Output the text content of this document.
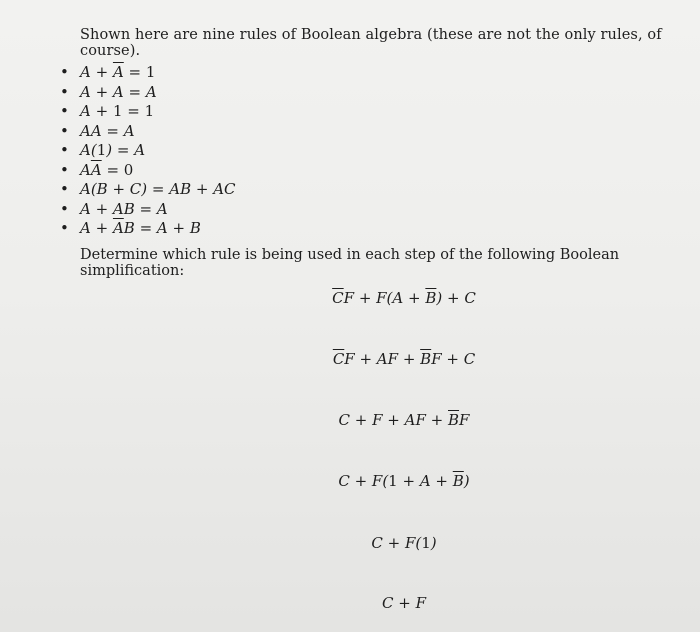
Shown here are nine rules of Boolean algebra (these are not the only rules, of course).
• $A + \overline{A} = 1$
• A + A = A
• A + 1 = 1
• AA = A
• A(1) = A
• $A\overline{A} = 0$
• A(B + C) = AB + AC
• A + AB = A
• $A + \overline{A}B = A + B$
Determine which rule is being used in each step of the following Boolean simplification:
$\overline{C}F + F(A + \overline{B}) + C$
$\overline{C}F$ + AF + $\overline{B}F + C$
C + F + AF + $\overline{B}F$
$C + F(1 + A + \overline{B})$
C + F(1)
C + F
